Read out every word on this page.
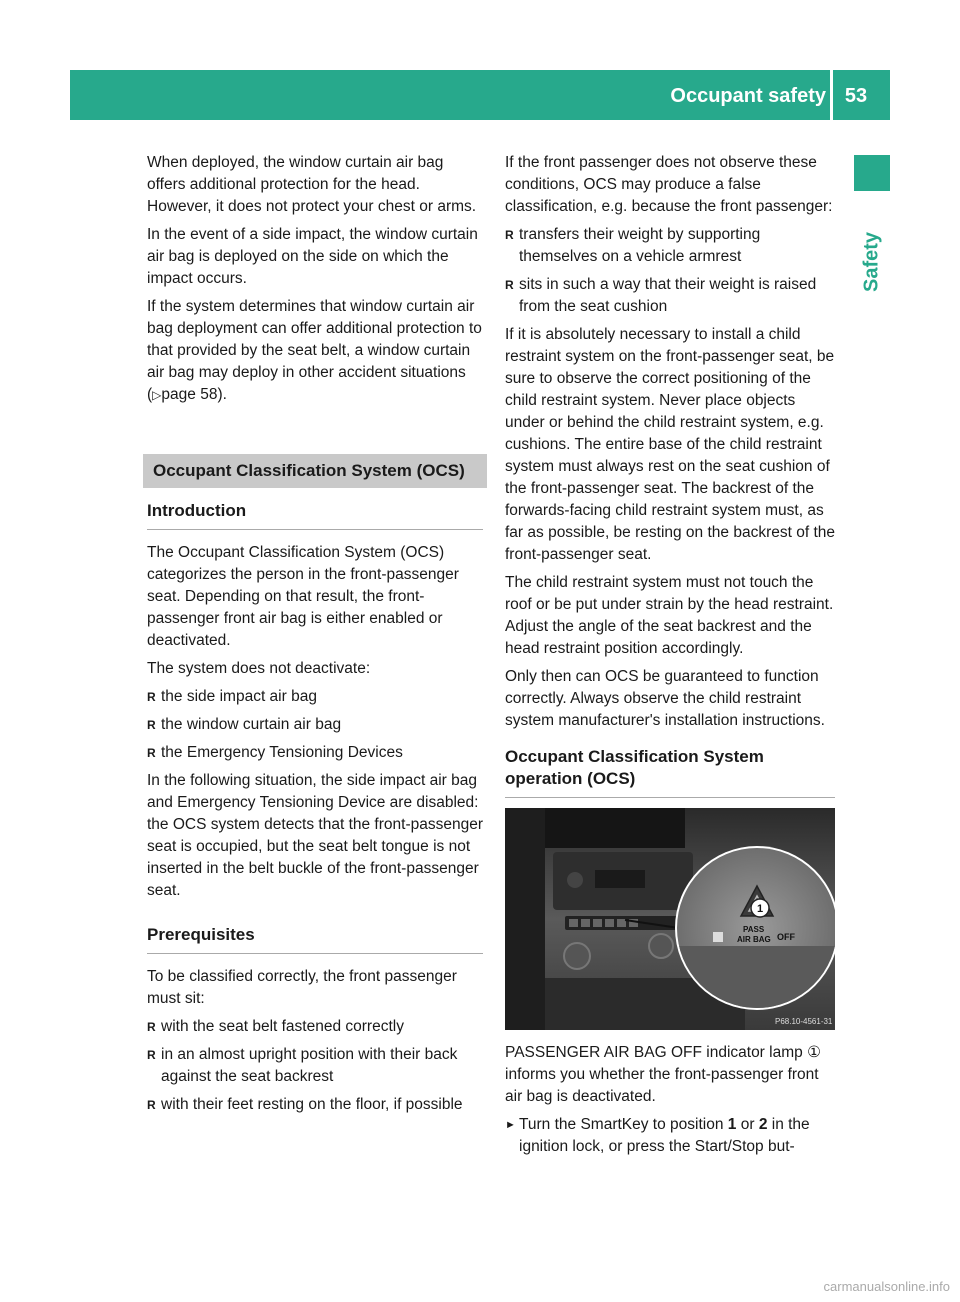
Occupant safety 53
Safety

When deployed, the window curtain air bag offers additional protection for the head. However, it does not protect your chest or arms.

In the event of a side impact, the window curtain air bag is deployed on the side on which the impact occurs.

If the system determines that window curtain air bag deployment can offer additional protection to that provided by the seat belt, a window curtain air bag may deploy in other accident situations (▷page 58).

Occupant Classification System (OCS)
Introduction

The Occupant Classification System (OCS) categorizes the person in the front-passenger seat. Depending on that result, the front-passenger front air bag is either enabled or deactivated.

The system does not deactivate:

R the side impact air bag
R the window curtain air bag
R the Emergency Tensioning Devices

In the following situation, the side impact air bag and Emergency Tensioning Device are disabled: the OCS system detects that the front-passenger seat is occupied, but the seat belt tongue is not inserted in the belt buckle of the front-passenger seat.

Prerequisites

To be classified correctly, the front passenger must sit:

R with the seat belt fastened correctly
R in an almost upright position with their back against the seat backrest
R with their feet resting on the floor, if possible

If the front passenger does not observe these conditions, OCS may produce a false classification, e.g. because the front passenger:

R transfers their weight by supporting themselves on a vehicle armrest
R sits in such a way that their weight is raised from the seat cushion

If it is absolutely necessary to install a child restraint system on the front-passenger seat, be sure to observe the correct positioning of the child restraint system. Never place objects under or behind the child restraint system, e.g. cushions. The entire base of the child restraint system must always rest on the seat cushion of the front-passenger seat. The backrest of the forwards-facing child restraint system must, as far as possible, be resting on the backrest of the front-passenger seat.

The child restraint system must not touch the roof or be put under strain by the head restraint. Adjust the angle of the seat backrest and the head restraint position accordingly.

Only then can OCS be guaranteed to function correctly. Always observe the child restraint system manufacturer's installation instructions.

Occupant Classification System operation (OCS)
1
PASS
AIR BAG OFF
P68.10-4561-31

PASSENGER AIR BAG OFF indicator lamp ① informs you whether the front-passenger front air bag is deactivated.

► Turn the SmartKey to position 1 or 2 in the ignition lock, or press the Start/Stop but-
carmanualsonline.info
